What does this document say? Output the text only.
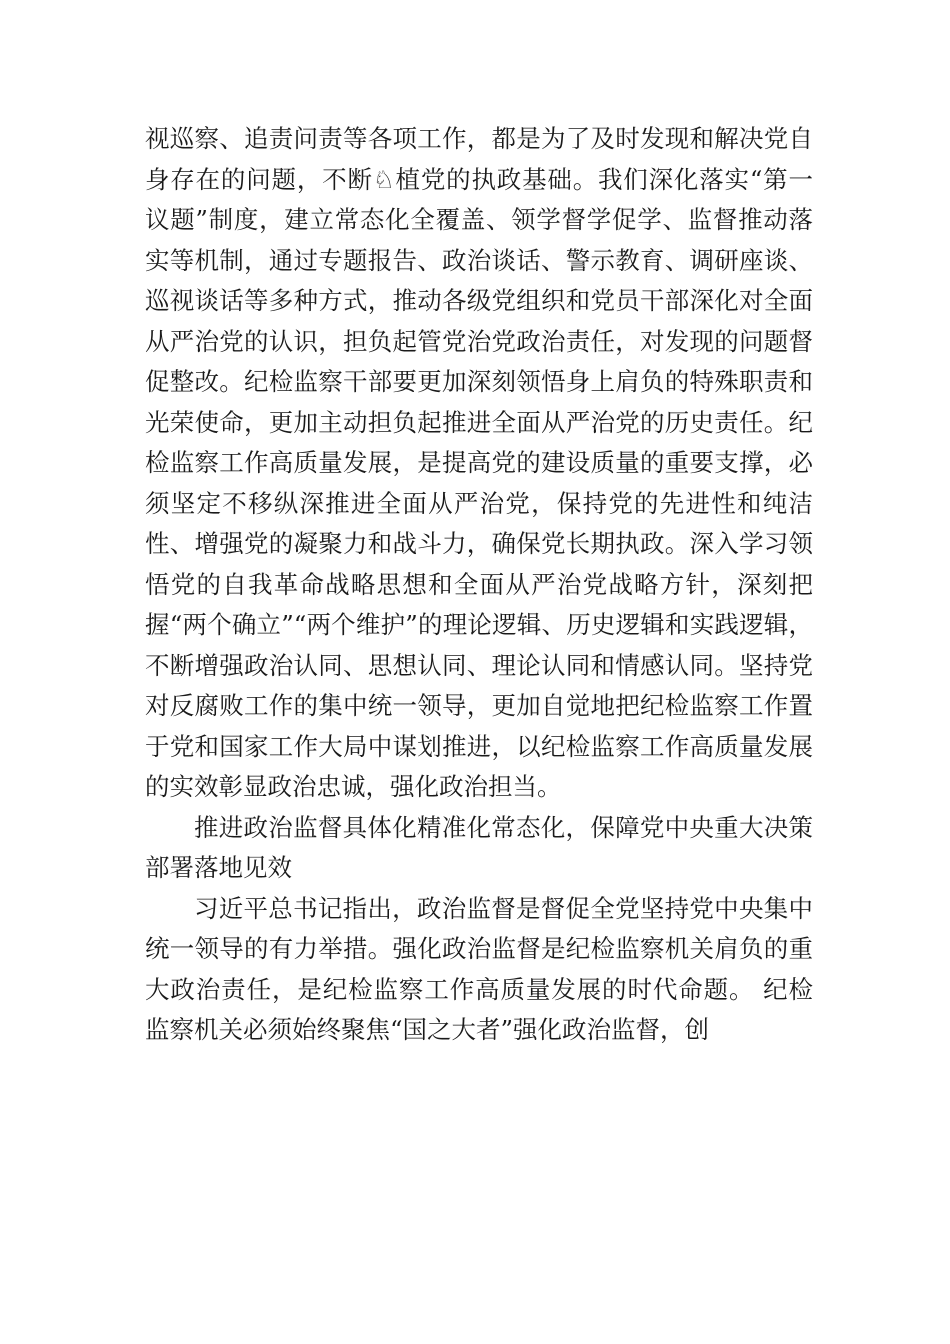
视巡察、追责问责等各项工作，都是为了及时发现和解决党自身存在的问题，不断♘植党的执政基础。我们深化落实“第一议题”制度，建立常态化全覆盖、领学督学促学、监督推动落实等机制，通过专题报告、政治谈话、警示教育、调研座谈、巡视谈话等多种方式，推动各级党组织和党员干部深化对全面从严治党的认识，担负起管党治党政治责任，对发现的问题督促整改。纪检监察干部要更加深刻领悟身上肩负的特殊职责和光荣使命，更加主动担负起推进全面从严治党的历史责任。纪检监察工作高质量发展，是提高党的建设质量的重要支撑，必须坚定不移纵深推进全面从严治党，保持党的先进性和纯洁性、增强党的凝聚力和战斗力，确保党长期执政。深入学习领悟党的自我革命战略思想和全面从严治党战略方针，深刻把握“两个确立”“两个维护”的理论逻辑、历史逻辑和实践逻辑，不断增强政治认同、思想认同、理论认同和情感认同。坚持党对反腐败工作的集中统一领导，更加自觉地把纪检监察工作置于党和国家工作大局中谋划推进，以纪检监察工作高质量发展的实效彰显政治忠诚，强化政治担当。

推进政治监督具体化精准化常态化，保障党中央重大决策部署落地见效

习近平总书记指出，政治监督是督促全党坚持党中央集中统一领导的有力举措。强化政治监督是纪检监察机关肩负的重大政治责任，是纪检监察工作高质量发展的时代命题。 纪检监察机关必须始终聚焦“国之大者”强化政治监督，创
